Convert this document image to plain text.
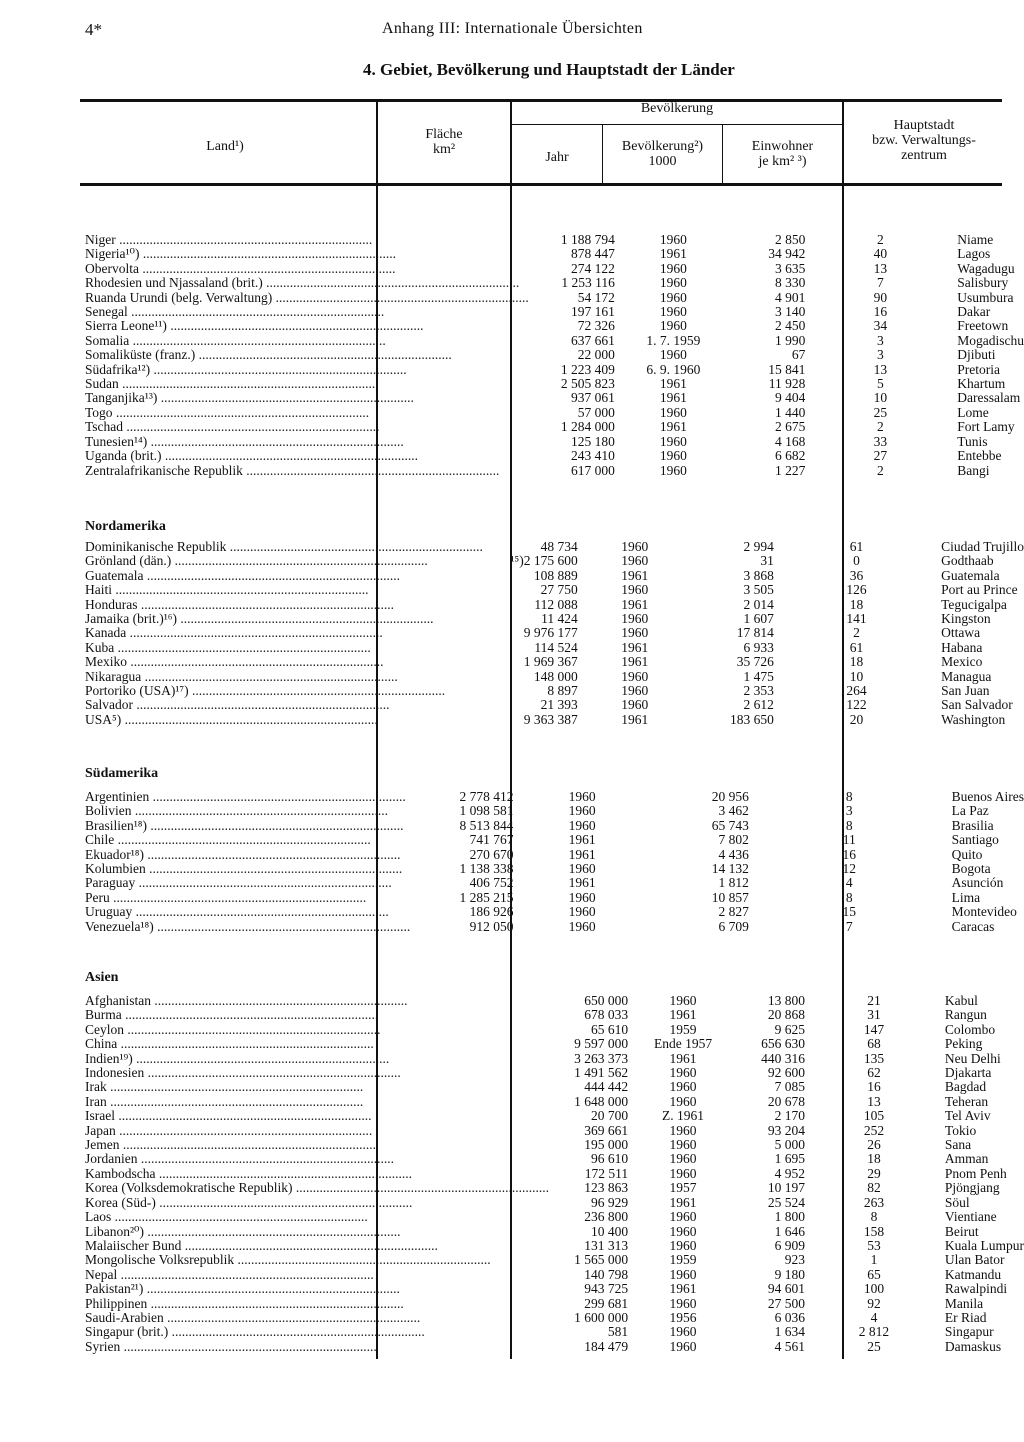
4*	Anhang III: Internationale Übersichten
4. Gebiet, Bevölkerung und Hauptstadt der Länder
Land¹)
Fläche
km²
Bevölkerung
Jahr
Bevölkerung²)
1000
Einwohner
je km² ³)
Hauptstadt
bzw. Verwaltungs-
zentrum
Niger .....	1 188 794	1960	2 850	2	Niame
Nigeria¹⁰) .....	878 447	1961	34 942	40	Lagos
Obervolta .....	274 122	1960	3 635	13	Wagadugu
Rhodesien und Njassaland (brit.) .....	1 253 116	1960	8 330	7	Salisbury
Ruanda Urundi (belg. Verwaltung) .....	54 172	1960	4 901	90	Usumbura
Senegal .....	197 161	1960	3 140	16	Dakar
Sierra Leone¹¹) .....	72 326	1960	2 450	34	Freetown
Somalia .....	637 661	1. 7. 1959	1 990	3	Mogadischu
Somaliküste (franz.) .....	22 000	1960	67	3	Djibuti
Südafrika¹²) .....	1 223 409	6. 9. 1960	15 841	13	Pretoria
Sudan .....	2 505 823	1961	11 928	5	Khartum
Tanganjika¹³) .....	937 061	1961	9 404	10	Daressalam
Togo .....	57 000	1960	1 440	25	Lome
Tschad .....	1 284 000	1961	2 675	2	Fort Lamy
Tunesien¹⁴) .....	125 180	1960	4 168	33	Tunis
Uganda (brit.) .....	243 410	1960	6 682	27	Entebbe
Zentralafrikanische Republik .....	617 000	1960	1 227	2	Bangi
Nordamerika
Dominikanische Republik .....	48 734	1960	2 994	61	Ciudad Trujillo
Grönland (dän.) .....	¹⁵)2 175 600	1960	31	0	Godthaab
Guatemala .....	108 889	1961	3 868	36	Guatemala
Haiti .....	27 750	1960	3 505	126	Port au Prince
Honduras .....	112 088	1961	2 014	18	Tegucigalpa
Jamaika (brit.)¹⁶) .....	11 424	1960	1 607	141	Kingston
Kanada .....	9 976 177	1960	17 814	2	Ottawa
Kuba .....	114 524	1961	6 933	61	Habana
Mexiko .....	1 969 367	1961	35 726	18	Mexico
Nikaragua .....	148 000	1960	1 475	10	Managua
Portoriko (USA)¹⁷) .....	8 897	1960	2 353	264	San Juan
Salvador .....	21 393	1960	2 612	122	San Salvador
USA⁵) .....	9 363 387	1961	183 650	20	Washington
Südamerika
Argentinien .....	2 778 412	1960	20 956	8	Buenos Aires
Bolivien .....	1 098 581	1960	3 462	3	La Paz
Brasilien¹⁸) .....	8 513 844	1960	65 743	8	Brasilia
Chile .....	741 767	1961	7 802	11	Santiago
Ekuador¹⁸) .....	270 670	1961	4 436	16	Quito
Kolumbien .....	1 138 338	1960	14 132	12	Bogota
Paraguay .....	406 752	1961	1 812	4	Asunción
Peru .....	1 285 215	1960	10 857	8	Lima
Uruguay .....	186 926	1960	2 827	15	Montevideo
Venezuela¹⁸) .....	912 050	1960	6 709	7	Caracas
Asien
Afghanistan .....	650 000	1960	13 800	21	Kabul
Burma .....	678 033	1961	20 868	31	Rangun
Ceylon .....	65 610	1959	9 625	147	Colombo
China .....	9 597 000	Ende 1957	656 630	68	Peking
Indien¹⁹) .....	3 263 373	1961	440 316	135	Neu Delhi
Indonesien .....	1 491 562	1960	92 600	62	Djakarta
Irak .....	444 442	1960	7 085	16	Bagdad
Iran .....	1 648 000	1960	20 678	13	Teheran
Israel .....	20 700	Z. 1961	2 170	105	Tel Aviv
Japan .....	369 661	1960	93 204	252	Tokio
Jemen .....	195 000	1960	5 000	26	Sana
Jordanien .....	96 610	1960	1 695	18	Amman
Kambodscha .....	172 511	1960	4 952	29	Pnom Penh
Korea (Volksdemokratische Republik) .....	123 863	1957	10 197	82	Pjöngjang
Korea (Süd-) .....	96 929	1961	25 524	263	Söul
Laos .....	236 800	1960	1 800	8	Vientiane
Libanon²⁰) .....	10 400	1960	1 646	158	Beirut
Malaiischer Bund .....	131 313	1960	6 909	53	Kuala Lumpur
Mongolische Volksrepublik .....	1 565 000	1959	923	1	Ulan Bator
Nepal .....	140 798	1960	9 180	65	Katmandu
Pakistan²¹) .....	943 725	1961	94 601	100	Rawalpindi
Philippinen .....	299 681	1960	27 500	92	Manila
Saudi-Arabien .....	1 600 000	1956	6 036	4	Er Riad
Singapur (brit.) .....	581	1960	1 634	2 812	Singapur
Syrien .....	184 479	1960	4 561	25	Damaskus
